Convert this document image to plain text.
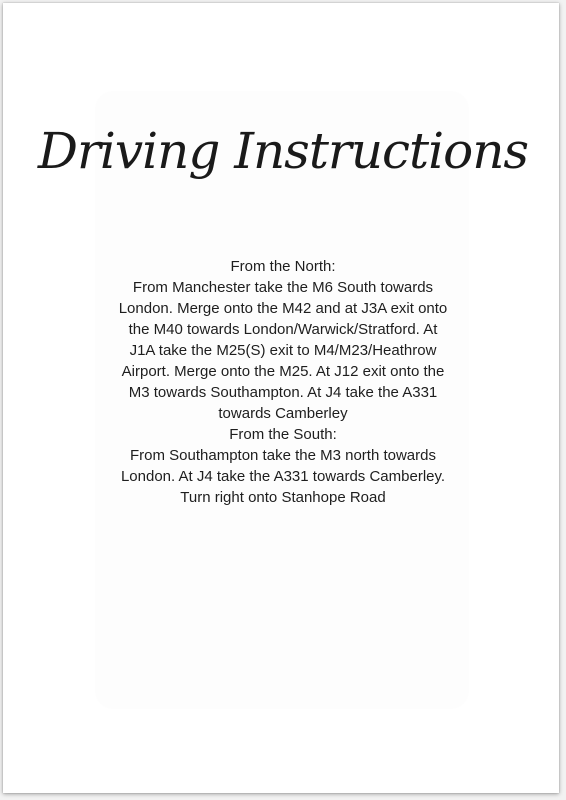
Driving Instructions
From the North:
From Manchester take the M6 South towards
London. Merge onto the M42 and at J3A exit onto
the M40 towards London/Warwick/Stratford. At
J1A take the M25(S) exit to M4/M23/Heathrow
Airport. Merge onto the M25. At J12 exit onto the
M3 towards Southampton. At J4 take the A331
towards Camberley
From the South:
From Southampton take the M3 north towards
London. At J4 take the A331 towards Camberley.
Turn right onto Stanhope Road
